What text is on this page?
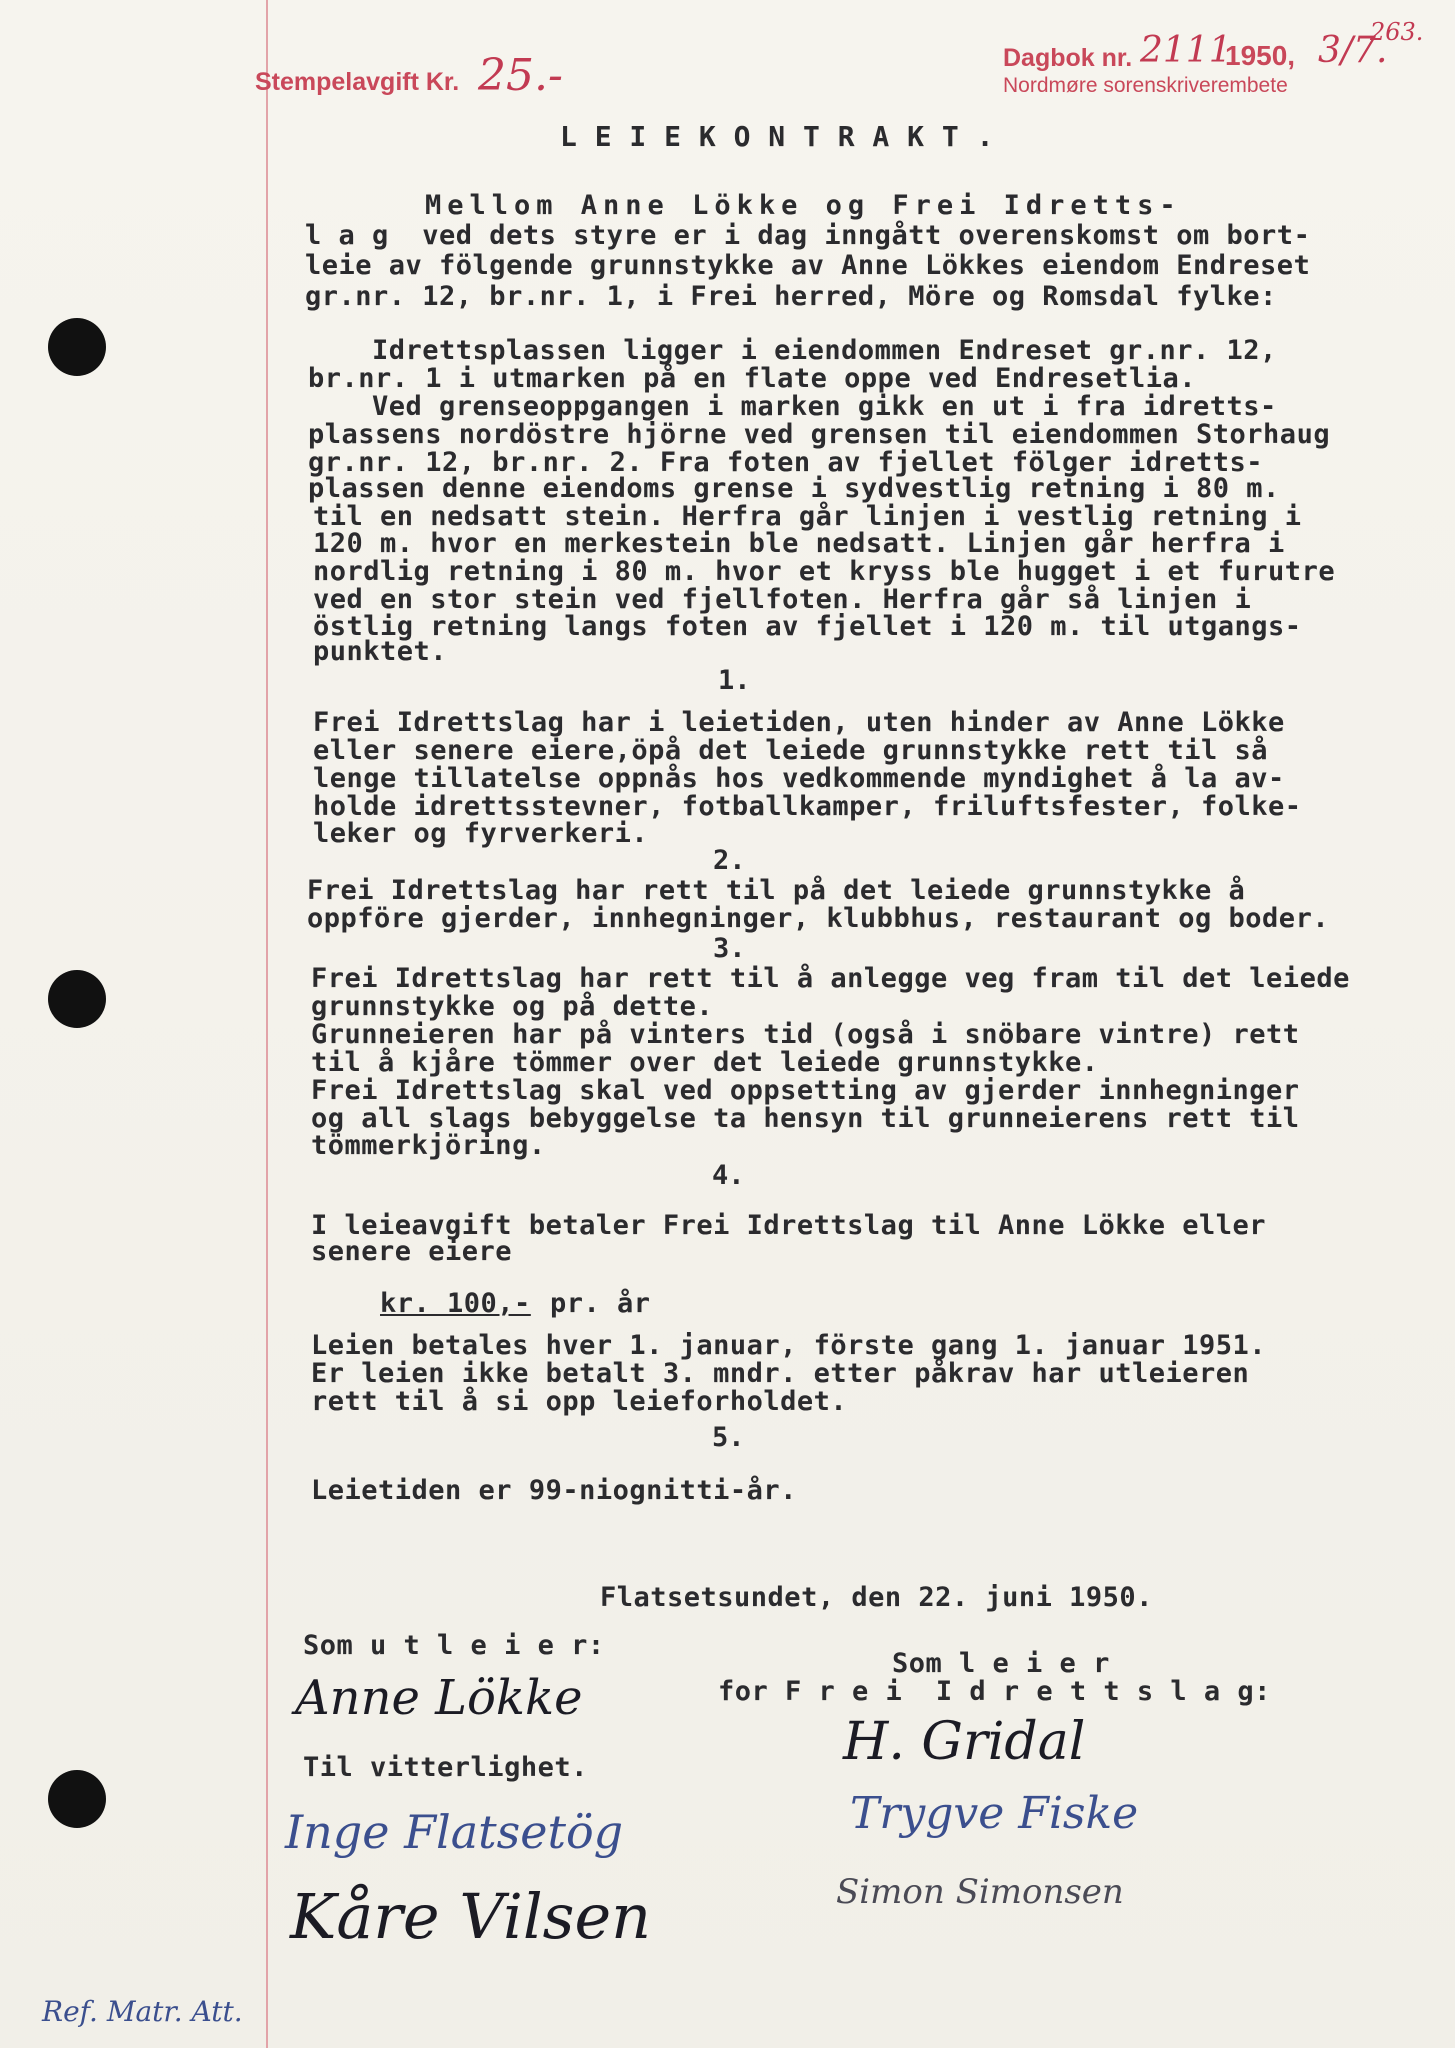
Stempelavgift Kr. 25.-	Dagbok nr. 2111
1950, 3/7.
263.
Nordmøre sorenskriverembete
L E I E K O N T R A K T .
Mellom Anne Lökke og Frei Idretts-
l a g  ved dets styre er i dag inngått overenskomst om bort-
leie av fölgende grunnstykke av Anne Lökkes eiendom Endreset
gr.nr. 12, br.nr. 1, i Frei herred, Möre og Romsdal fylke:
Idrettsplassen ligger i eiendommen Endreset gr.nr. 12,
br.nr. 1 i utmarken på en flate oppe ved Endresetlia.
Ved grenseoppgangen i marken gikk en ut i fra idretts-
plassens nordöstre hjörne ved grensen til eiendommen Storhaug
gr.nr. 12, br.nr. 2. Fra foten av fjellet fölger idretts-
plassen denne eiendoms grense i sydvestlig retning i 80 m.
til en nedsatt stein. Herfra går linjen i vestlig retning i
120 m. hvor en merkestein ble nedsatt. Linjen går herfra i
nordlig retning i 80 m. hvor et kryss ble hugget i et furutre
ved en stor stein ved fjellfoten. Herfra går så linjen i
östlig retning langs foten av fjellet i 120 m. til utgangs-
punktet.
1.
Frei Idrettslag har i leietiden, uten hinder av Anne Lökke
eller senere eiere,öpå det leiede grunnstykke rett til så
lenge tillatelse oppnås hos vedkommende myndighet å la av-
holde idrettsstevner, fotballkamper, friluftsfester, folke-
leker og fyrverkeri.
2.
Frei Idrettslag har rett til på det leiede grunnstykke å
oppföre gjerder, innhegninger, klubbhus, restaurant og boder.
3.
Frei Idrettslag har rett til å anlegge veg fram til det leiede
grunnstykke og på dette.
Grunneieren har på vinters tid (også i snöbare vintre) rett
til å kjåre tömmer over det leiede grunnstykke.
Frei Idrettslag skal ved oppsetting av gjerder innhegninger
og all slags bebyggelse ta hensyn til grunneierens rett til
tömmerkjöring.
4.
I leieavgift betaler Frei Idrettslag til Anne Lökke eller
senere eiere
kr. 100,- pr. år
Leien betales hver 1. januar, förste gang 1. januar 1951.
Er leien ikke betalt 3. mndr. etter påkrav har utleieren
rett til å si opp leieforholdet.
5.
Leietiden er 99-niognitti-år.
Flatsetsundet, den 22. juni 1950.
Som u t l e i e r:
Som l e i e r
for F r e i  I d r e t t s l a g:
Til vitterlighet.
Anne Lökke
H. Gridal
Trygve Fiske
Simon Simonsen
Inge Flatsetög
Kåre Vilsen
Ref. Matr. Att.
